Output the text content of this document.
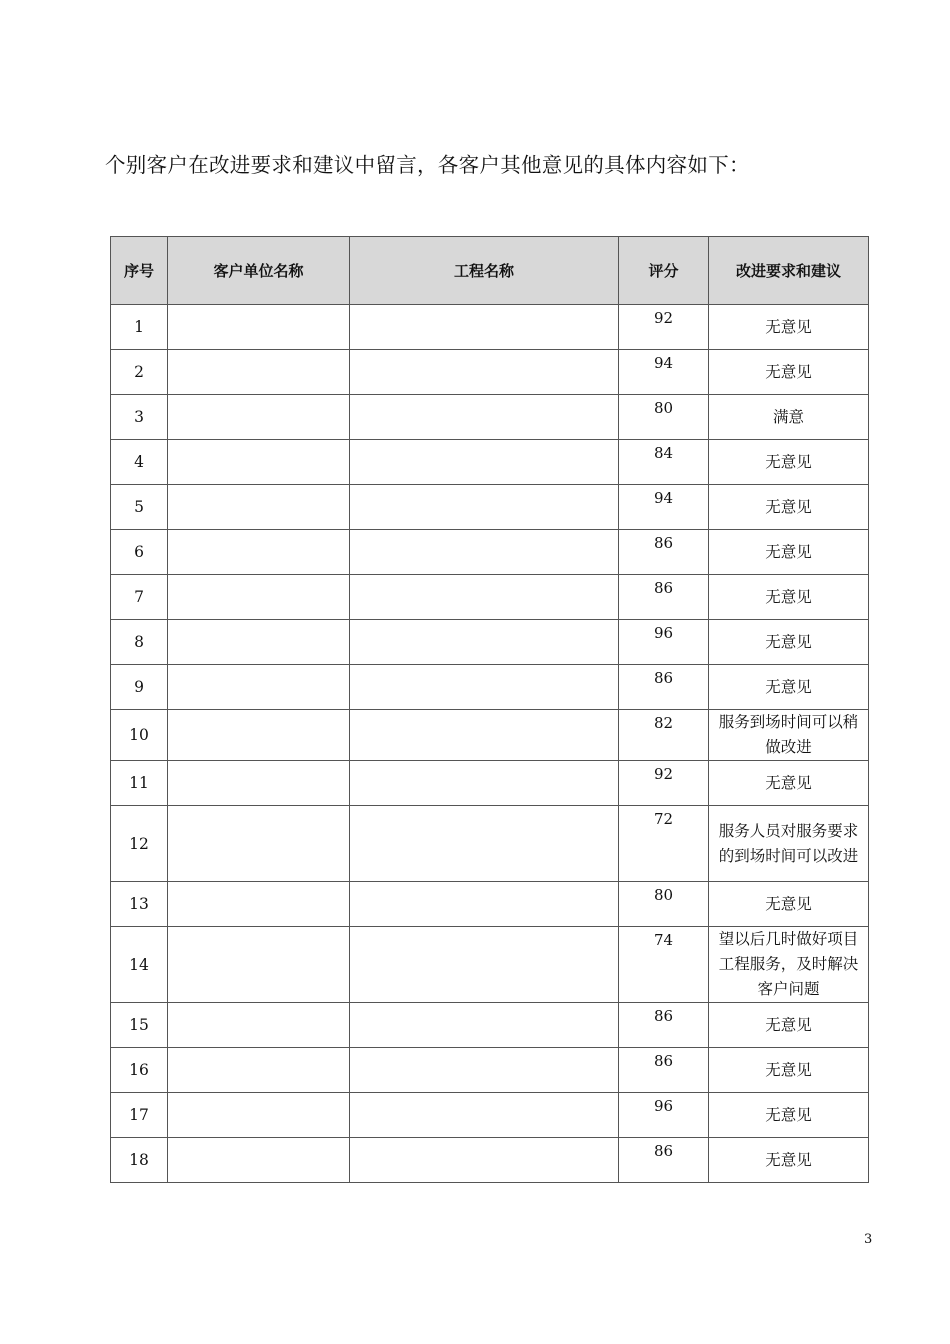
个别客户在改进要求和建议中留言，各客户其他意见的具体内容如下：

序号	客户单位名称	工程名称	评分	改进要求和建议
1			92	无意见
2			94	无意见
3			80	满意
4			84	无意见
5			94	无意见
6			86	无意见
7			86	无意见
8			96	无意见
9			86	无意见
10			82	服务到场时间可以稍做改进
11			92	无意见
12			72	服务人员对服务要求的到场时间可以改进
13			80	无意见
14			74	望以后几时做好项目工程服务，及时解决客户问题
15			86	无意见
16			86	无意见
17			96	无意见
18			86	无意见
3
